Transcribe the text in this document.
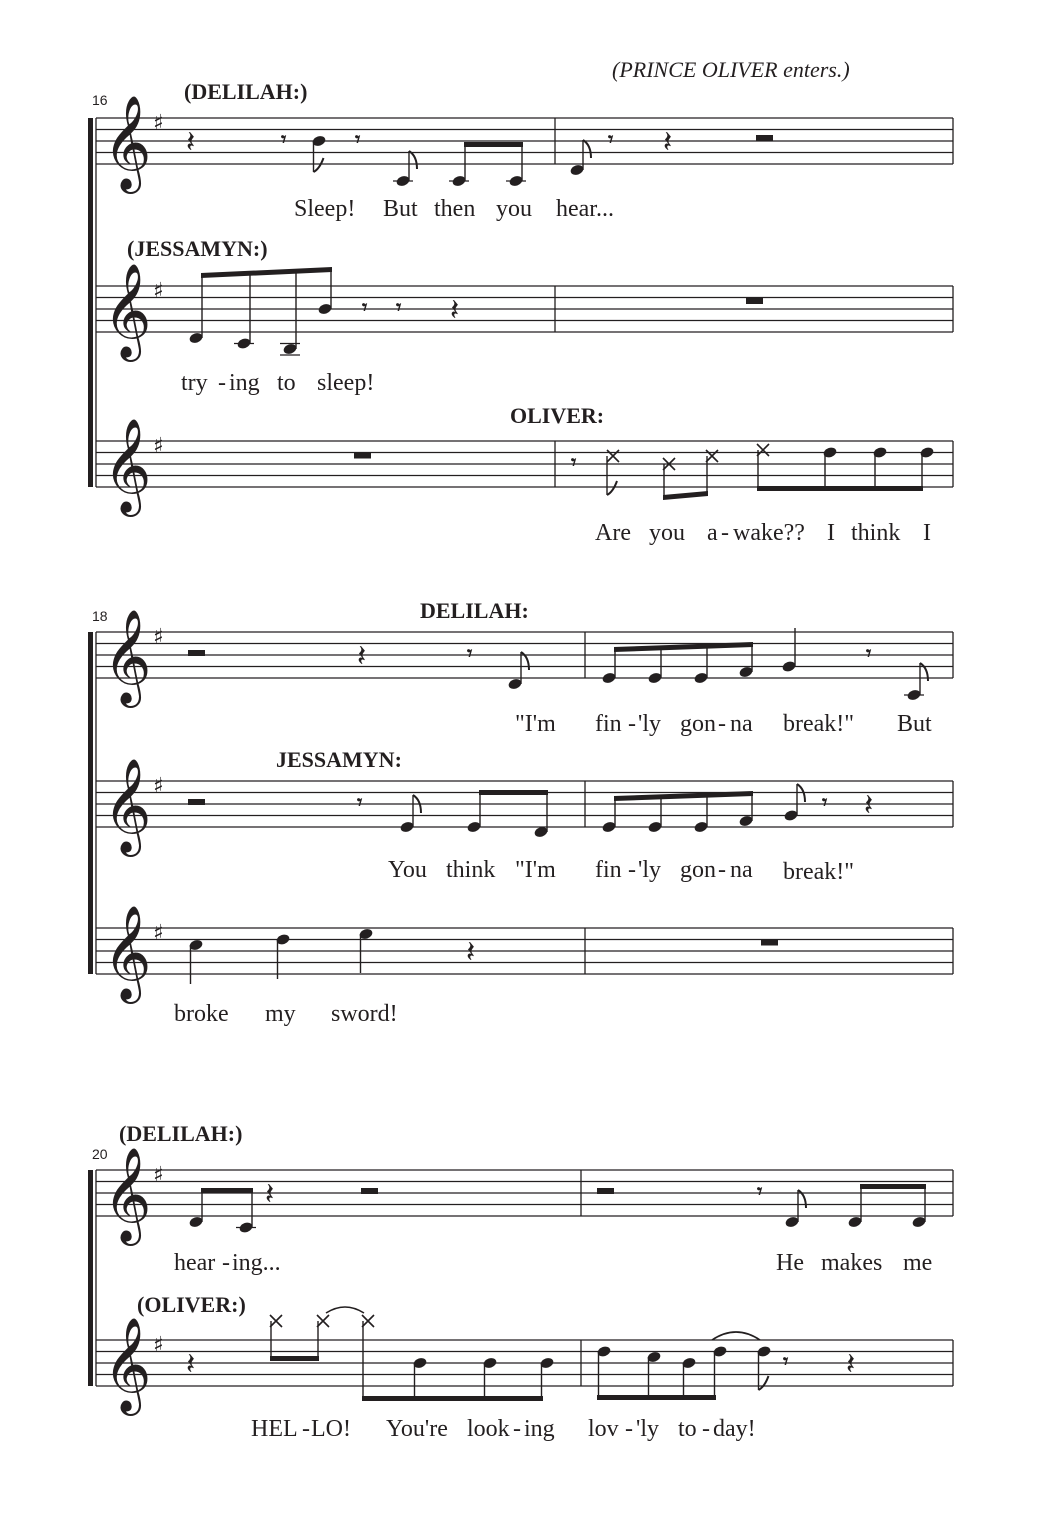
(PRINCE OLIVER enters.)
16
𝄞 ♯
(DELILAH:)
𝄽	𝄾	𝄾	𝄾 𝄽
Sleep! But then you hear...
𝄞 ♯
(JESSAMYN:)
𝄾 𝄾 𝄽
try - ing to sleep!
𝄞 ♯
OLIVER:
𝄾
Are you a - wake?? I think I
18
𝄞 ♯
DELILAH:
𝄽	𝄾	𝄾
"I'm fin - 'ly gon - na break!" But
𝄞 ♯
JESSAMYN:
𝄾	𝄾 𝄽
You think "I'm fin - 'ly gon - na break!"
𝄞 ♯
𝄽
broke my sword!
20
𝄞 ♯
(DELILAH:)
𝄽	𝄾
hear - ing...	He makes me
𝄞 ♯
(OLIVER:)
𝄽	𝄾 𝄽
HEL - LO! You're look - ing lov - 'ly to - day!
